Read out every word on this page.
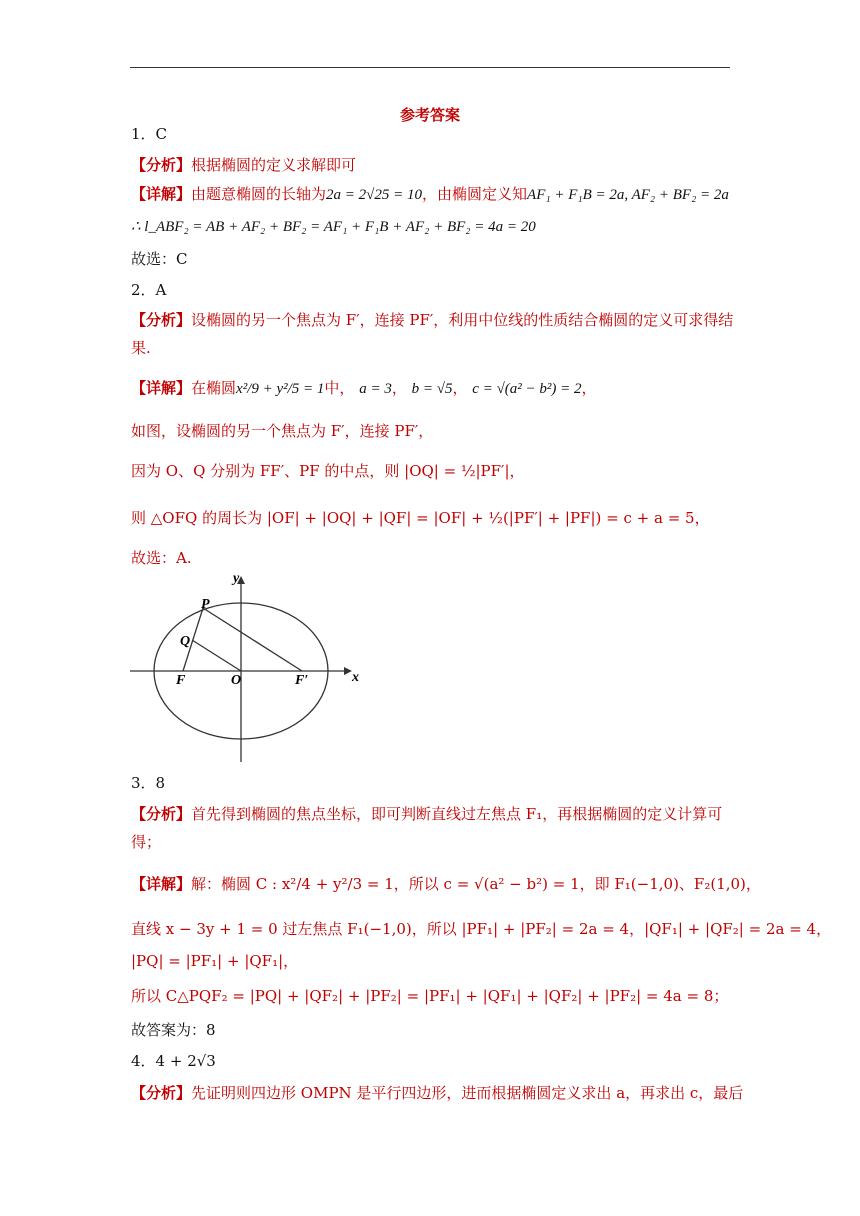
参考答案
1．C
【分析】根据椭圆的定义求解即可
【详解】由题意椭圆的长轴为2a = 2√25 = 10，由椭圆定义知AF₁ + F₁B = 2a, AF₂ + BF₂ = 2a
∴ l_ABF₂ = AB + AF₂ + BF₂ = AF₁ + F₁B + AF₂ + BF₂ = 4a = 20
故选：C
2．A
【分析】设椭圆的另一个焦点为 F′，连接 PF′，利用中位线的性质结合椭圆的定义可求得结
果.
【详解】在椭圆x²/9 + y²/5 = 1中， a = 3， b = √5， c = √(a² − b²) = 2，
如图，设椭圆的另一个焦点为 F′，连接 PF′，
因为 O、Q 分别为 FF′、PF 的中点，则 |OQ| = ½|PF′|，
则 △OFQ 的周长为 |OF| + |OQ| + |QF| = |OF| + ½(|PF′| + |PF|) = c + a = 5，
故选：A.
y
x
P
Q
F	O	F′
3．8
【分析】首先得到椭圆的焦点坐标，即可判断直线过左焦点 F₁，再根据椭圆的定义计算可
得；
【详解】解：椭圆 C : x²/4 + y²/3 = 1，所以 c = √(a² − b²) = 1，即 F₁(−1,0)、F₂(1,0)，
直线 x − 3y + 1 = 0 过左焦点 F₁(−1,0)，所以 |PF₁| + |PF₂| = 2a = 4，|QF₁| + |QF₂| = 2a = 4，
|PQ| = |PF₁| + |QF₁|，
所以 C△PQF₂ = |PQ| + |QF₂| + |PF₂| = |PF₁| + |QF₁| + |QF₂| + |PF₂| = 4a = 8；
故答案为：8
4．4 + 2√3
【分析】先证明则四边形 OMPN 是平行四边形，进而根据椭圆定义求出 a，再求出 c，最后
